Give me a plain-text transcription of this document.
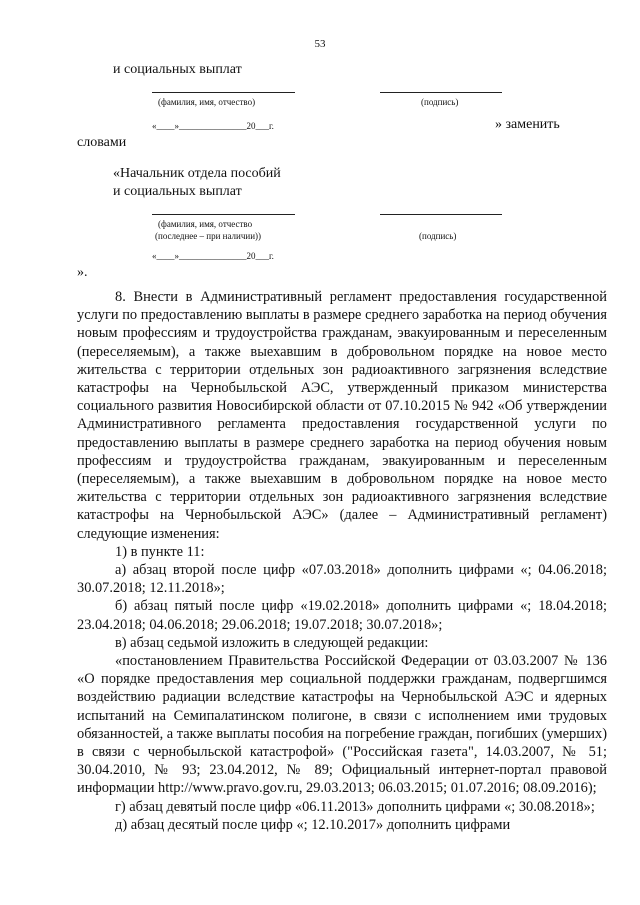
53
и социальных выплат
(фамилия, имя, отчество)	(подпись)
«____»_______________20___г.	» заменить
словами
«Начальник отдела пособий
и социальных выплат
(фамилия, имя, отчество
(последнее – при наличии))	(подпись)
«____»_______________20___г.
».

8. Внести в Административный регламент предоставления государственной услуги по предоставлению выплаты в размере среднего заработка на период обучения новым профессиям и трудоустройства гражданам, эвакуированным и переселенным (переселяемым), а также выехавшим в добровольном порядке на новое место жительства с территории отдельных зон радиоактивного загрязнения вследствие катастрофы на Чернобыльской АЭС, утвержденный приказом министерства социального развития Новосибирской области от 07.10.2015 № 942 «Об утверждении Административного регламента предоставления государственной услуги по предоставлению выплаты в размере среднего заработка на период обучения новым профессиям и трудоустройства гражданам, эвакуированным и переселенным (переселяемым), а также выехавшим в добровольном порядке на новое место жительства с территории отдельных зон радиоактивного загрязнения вследствие катастрофы на Чернобыльской АЭС» (далее – Административный регламент) следующие изменения:

1) в пункте 11:

а) абзац второй после цифр «07.03.2018» дополнить цифрами «; 04.06.2018; 30.07.2018; 12.11.2018»;

б) абзац пятый после цифр «19.02.2018» дополнить цифрами «; 18.04.2018; 23.04.2018; 04.06.2018; 29.06.2018; 19.07.2018; 30.07.2018»;

в) абзац седьмой изложить в следующей редакции:

«постановлением Правительства Российской Федерации от 03.03.2007 № 136 «О порядке предоставления мер социальной поддержки гражданам, подвергшимся воздействию радиации вследствие катастрофы на Чернобыльской АЭС и ядерных испытаний на Семипалатинском полигоне, в связи с исполнением ими трудовых обязанностей, а также выплаты пособия на погребение граждан, погибших (умерших) в связи с чернобыльской катастрофой» ("Российская газета", 14.03.2007, № 51; 30.04.2010, № 93; 23.04.2012, № 89; Официальный интернет-портал правовой информации http://www.pravo.gov.ru, 29.03.2013; 06.03.2015; 01.07.2016; 08.09.2016);

г) абзац девятый после цифр «06.11.2013» дополнить цифрами «; 30.08.2018»;

д) абзац десятый после цифр «; 12.10.2017» дополнить цифрами
